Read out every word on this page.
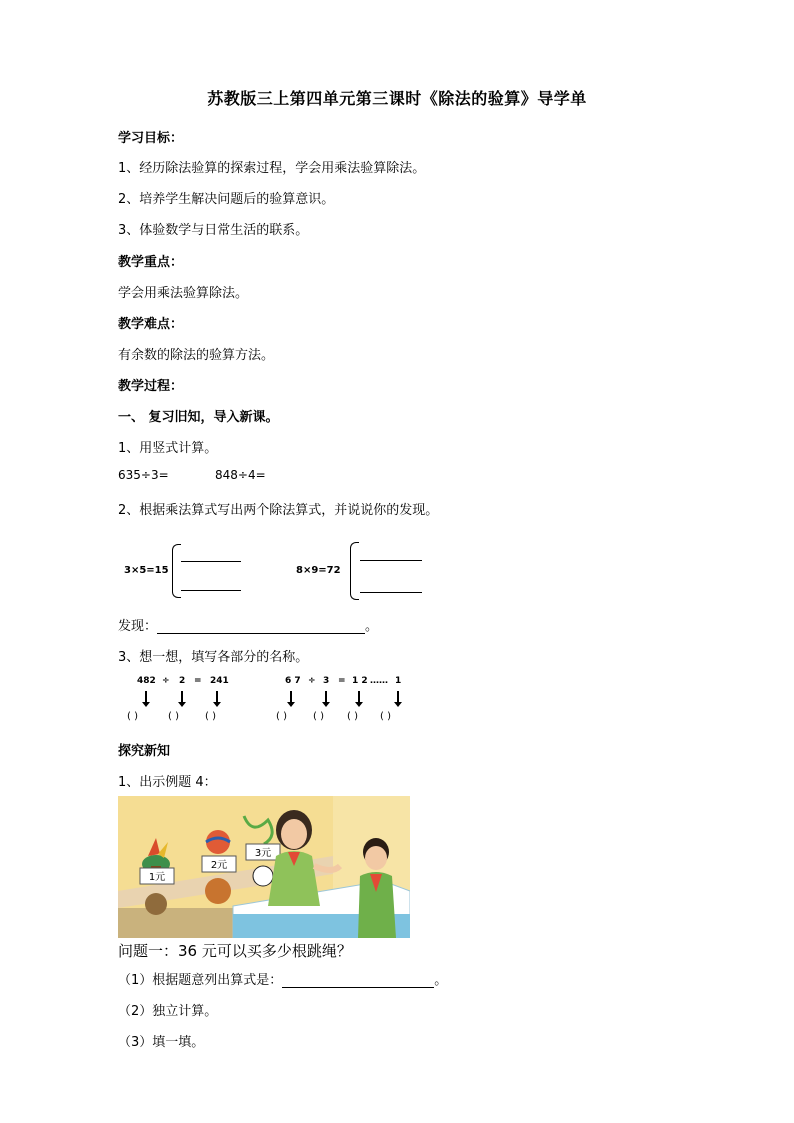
苏教版三上第四单元第三课时《除法的验算》导学单
学习目标：
1、经历除法验算的探索过程，学会用乘法验算除法。
2、培养学生解决问题后的验算意识。
3、体验数学与日常生活的联系。
教学重点：
学会用乘法验算除法。
教学难点：
有余数的除法的验算方法。
教学过程：
一、 复习旧知，导入新课。
1、用竖式计算。
635÷3=	848÷4=
2、根据乘法算式写出两个除法算式，并说说你的发现。
3×5=15	8×9=72
发现：	。
3、想一想，填写各部分的名称。
482 ÷ 2 = 241
( )	( )	( )
6 7 ÷ 3 = 1 2 …… 1
( )	( ) ( ) ( )
探究新知
1、出示例题 4：
1元
2元
3元
问题一：36 元可以买多少根跳绳？
（1）根据题意列出算式是：	。
（2）独立计算。
（3）填一填。
